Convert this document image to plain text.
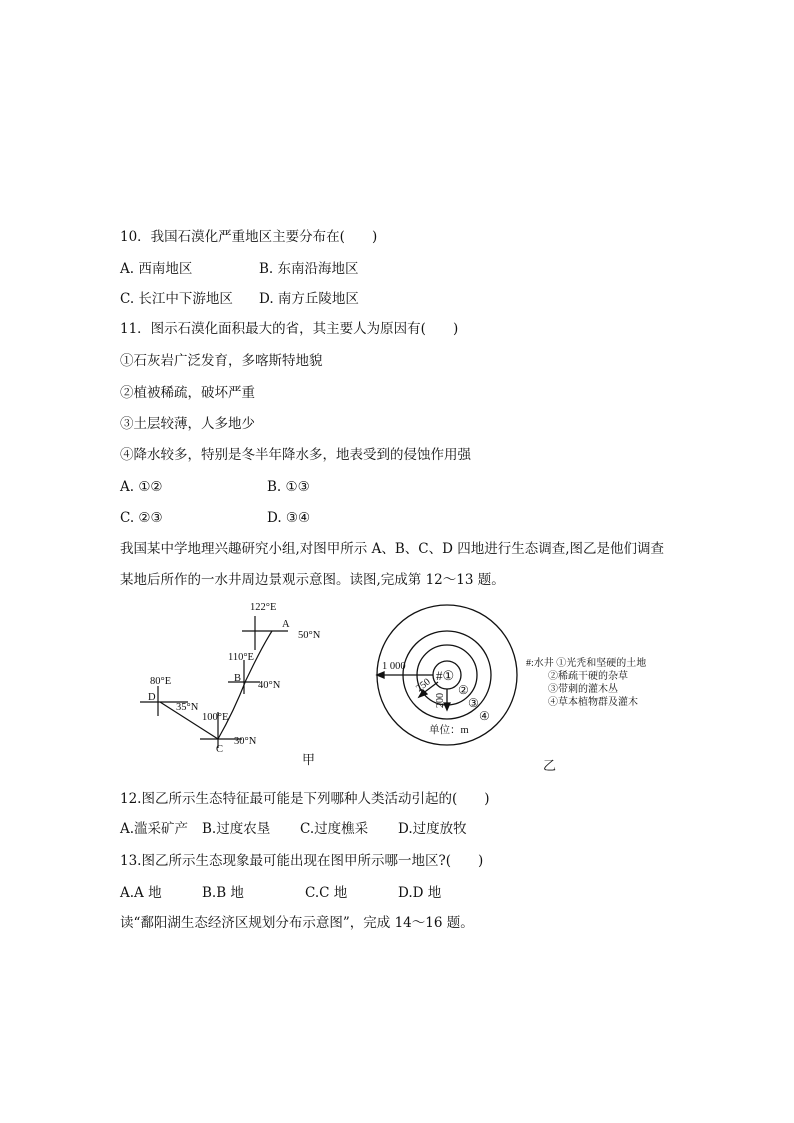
10．我国石漠化严重地区主要分布在(　　)
A. 西南地区	B. 东南沿海地区
C. 长江中下游地区 D. 南方丘陵地区
11．图示石漠化面积最大的省，其主要人为原因有(　　)
①石灰岩广泛发育，多喀斯特地貌
②植被稀疏，破坏严重
③土层较薄，人多地少
④降水较多，特别是冬半年降水多，地表受到的侵蚀作用强
A. ①②	B. ①③
C. ②③	D. ③④
我国某中学地理兴趣研究小组,对图甲所示 A、B、C、D 四地进行生态调查,图乙是他们调查
某地后所作的一水井周边景观示意图。读图,完成第 12～13 题。
122°E
A
50°N
110°E
B
40°N
100°E
C
30°N
80°E
D
35°N
甲
#①
②
③
④
1 000
250
200
单位：m
#:水井 ①光秃和坚硬的土地
②稀疏干硬的杂草
③带刺的灌木丛
④草本植物群及灌木
乙
12.图乙所示生态特征最可能是下列哪种人类活动引起的(　　)
A.滥采矿产 B.过度农垦 C.过度樵采 D.过度放牧
13.图乙所示生态现象最可能出现在图甲所示哪一地区?(　　)
A.A 地	B.B 地	C.C 地	D.D 地
读“鄱阳湖生态经济区规划分布示意图”，完成 14～16 题。
